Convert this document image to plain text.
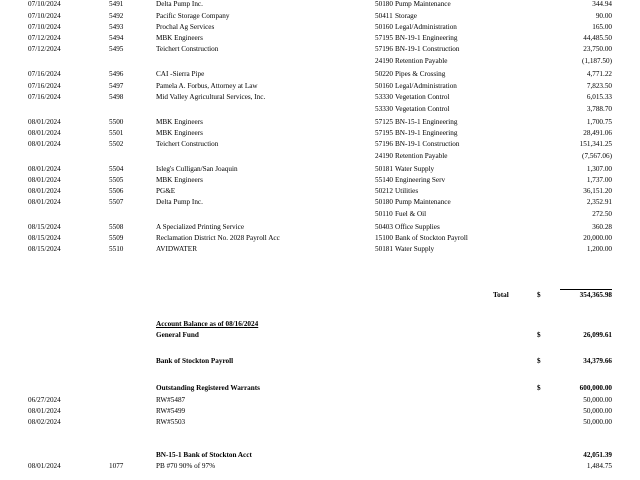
07/10/2024	5491	Delta Pump Inc.	50180 Pump Maintenance	344.94
07/10/2024	5492	Pacific Storage Company	50411 Storage	90.00
07/10/2024	5493	Prochal Ag Services	50160 Legal/Administration	165.00
07/12/2024	5494	MBK Engineers	57195 BN-19-1 Engineering	44,485.50
07/12/2024	5495	Teichert Construction	57196 BN-19-1 Construction	23,750.00
24190 Retention Payable	(1,187.50)
07/16/2024	5496	CAI -Sierra Pipe	50220 Pipes & Crossing	4,771.22
07/16/2024	5497	Pamela A. Forbus, Attorney at Law	50160 Legal/Administration	7,823.50
07/16/2024	5498	Mid Valley Agricultural Services, Inc.	53330 Vegetation Control	6,015.33
53330 Vegetation Control	3,788.70
08/01/2024	5500	MBK Engineers	57125 BN-15-1 Engineering	1,700.75
08/01/2024	5501	MBK Engineers	57195 BN-19-1 Engineering	28,491.06
08/01/2024	5502	Teichert Construction	57196 BN-19-1 Construction	151,341.25
24190 Retention Payable	(7,567.06)
08/01/2024	5504	Isleg's Culligan/San Joaquin	50181 Water Supply	1,307.00
08/01/2024	5505	MBK Engineers	55140 Engineering Serv	1,737.00
08/01/2024	5506	PG&E	50212 Utilities	36,151.20
08/01/2024	5507	Delta Pump Inc.	50180 Pump Maintenance	2,352.91
50110 Fuel & Oil	272.50
08/15/2024	5508	A Specialized Printing Service	50403 Office Supplies	360.28
08/15/2024	5509	Reclamation District No. 2028 Payroll Acc	15100 Bank of Stockton Payroll	20,000.00
08/15/2024	5510	AVIDWATER	50181 Water Supply	1,200.00
Total	$	354,365.98
Account Balance as of 08/16/2024
General Fund	$	26,099.61
Bank of Stockton Payroll	$	34,379.66
Outstanding Registered Warrants	$	600,000.00
06/27/2024	RW#5487	50,000.00
08/01/2024	RW#5499	50,000.00
08/02/2024	RW#5503	50,000.00
BN-15-1 Bank of Stockton Acct	42,051.39
08/01/2024	1077	PB #70 90% of 97%	1,484.75
